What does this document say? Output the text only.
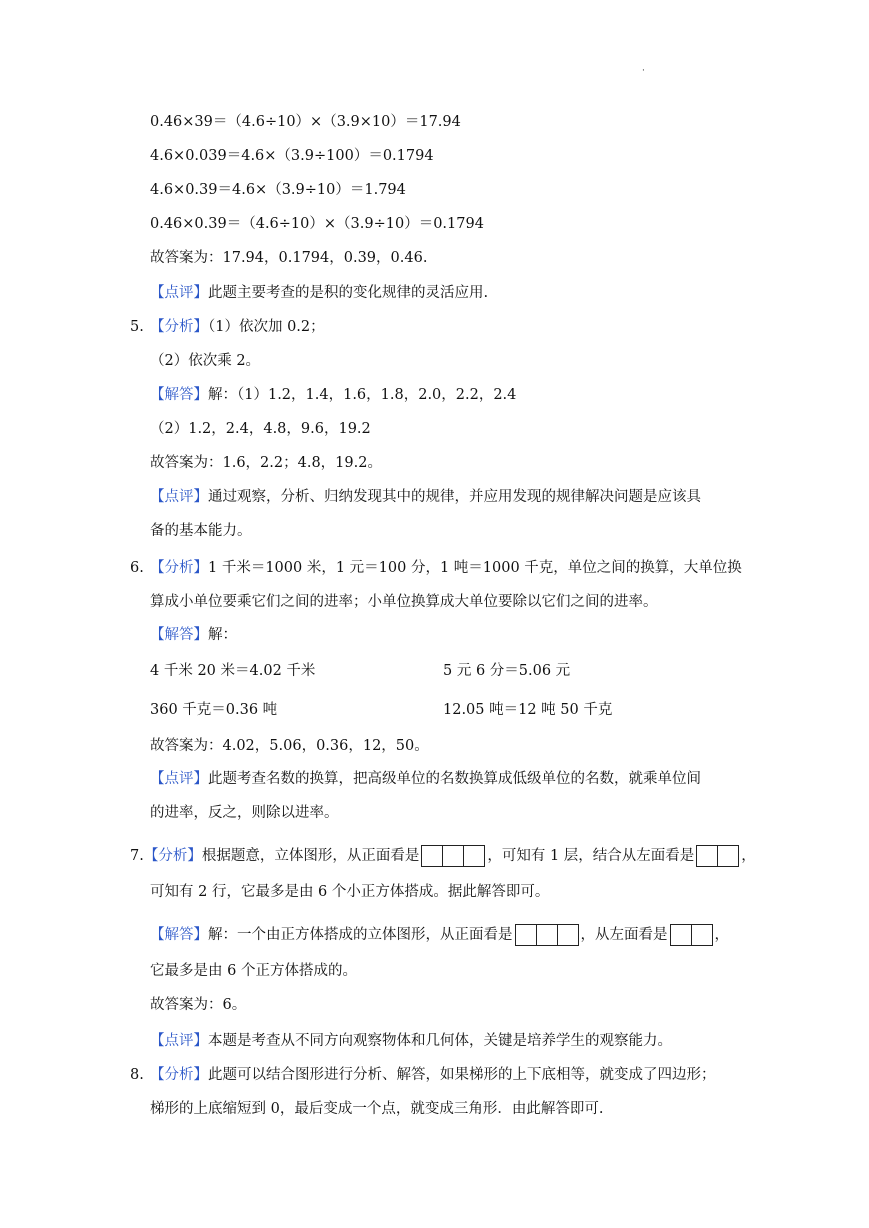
·
0.46×39＝（4.6÷10）×（3.9×10）＝17.94
4.6×0.039＝4.6×（3.9÷100）＝0.1794
4.6×0.39＝4.6×（3.9÷10）＝1.794
0.46×0.39＝（4.6÷10）×（3.9÷10）＝0.1794
故答案为：17.94，0.1794，0.39，0.46.
【点评】此题主要考查的是积的变化规律的灵活应用.
5. 【分析】（1）依次加 0.2；
（2）依次乘 2。
【解答】解：（1）1.2，1.4，1.6，1.8，2.0，2.2，2.4
（2）1.2，2.4，4.8，9.6，19.2
故答案为：1.6，2.2；4.8，19.2。
【点评】通过观察，分析、归纳发现其中的规律，并应用发现的规律解决问题是应该具
备的基本能力。
6. 【分析】1 千米＝1000 米，1 元＝100 分，1 吨＝1000 千克，单位之间的换算，大单位换
算成小单位要乘它们之间的进率；小单位换算成大单位要除以它们之间的进率。
【解答】解：
4 千米 20 米＝4.02 千米	5 元 6 分＝5.06 元
360 千克＝0.36 吨	12.05 吨＝12 吨 50 千克
故答案为：4.02，5.06，0.36，12，50。
【点评】此题考查名数的换算，把高级单位的名数换算成低级单位的名数，就乘单位间
的进率，反之，则除以进率。
7.【分析】根据题意，立体图形，从正面看是	，可知有 1 层，结合从左面看是	，
可知有 2 行，它最多是由 6 个小正方体搭成。据此解答即可。
【解答】解：一个由正方体搭成的立体图形，从正面看是	，从左面看是	，
它最多是由 6 个正方体搭成的。
故答案为：6。
【点评】本题是考查从不同方向观察物体和几何体，关键是培养学生的观察能力。
8. 【分析】此题可以结合图形进行分析、解答，如果梯形的上下底相等，就变成了四边形；
梯形的上底缩短到 0，最后变成一个点，就变成三角形．由此解答即可.
